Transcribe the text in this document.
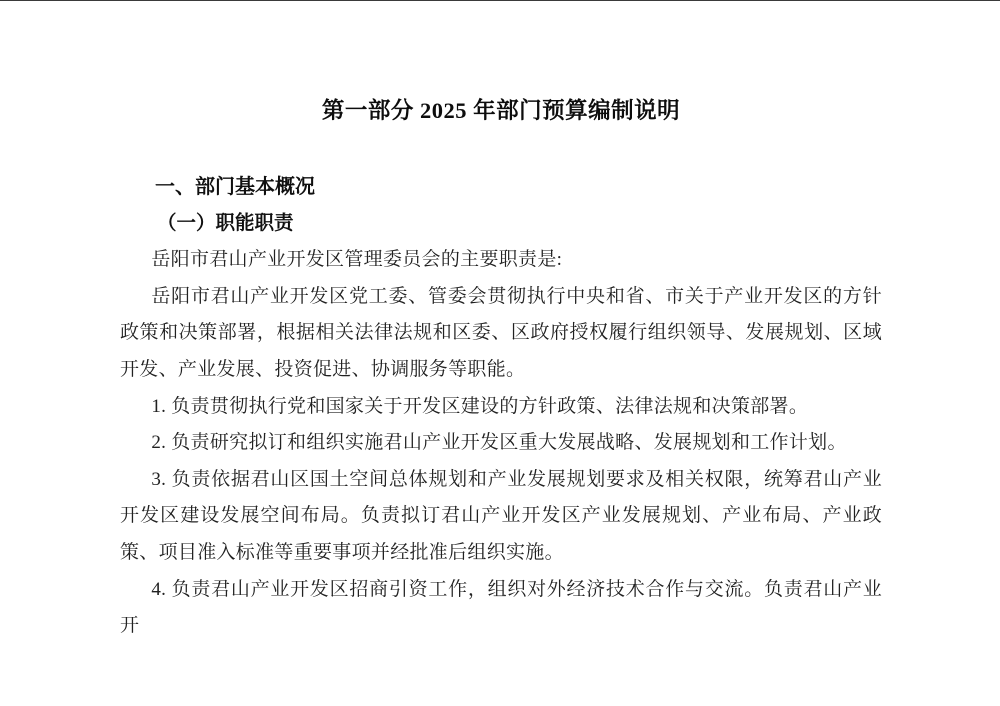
第一部分 2025 年部门预算编制说明
一、部门基本概况
（一）职能职责

岳阳市君山产业开发区管理委员会的主要职责是:

岳阳市君山产业开发区党工委、管委会贯彻执行中央和省、市关于产业开发区的方针政策和决策部署，根据相关法律法规和区委、区政府授权履行组织领导、发展规划、区域开发、产业发展、投资促进、协调服务等职能。

1. 负责贯彻执行党和国家关于开发区建设的方针政策、法律法规和决策部署。

2. 负责研究拟订和组织实施君山产业开发区重大发展战略、发展规划和工作计划。

3. 负责依据君山区国土空间总体规划和产业发展规划要求及相关权限，统筹君山产业开发区建设发展空间布局。负责拟订君山产业开发区产业发展规划、产业布局、产业政策、项目准入标准等重要事项并经批准后组织实施。

4. 负责君山产业开发区招商引资工作，组织对外经济技术合作与交流。负责君山产业开
